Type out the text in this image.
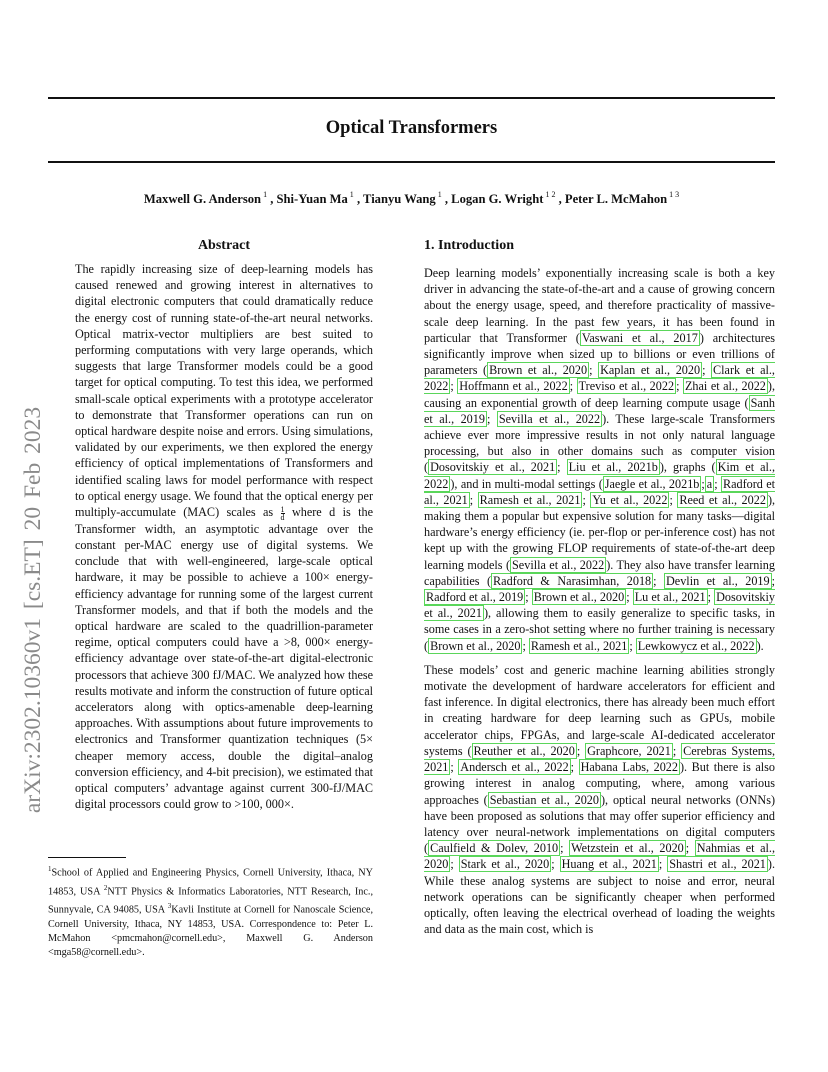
arXiv:2302.10360v1 [cs.ET] 20 Feb 2023
Optical Transformers
Maxwell G. Anderson $^1$ , Shi-Yuan Ma $^1$ , Tianyu Wang $^1$ , Logan G. Wright $^{1 2}$ , Peter L. McMahon $^{1 3}$
Abstract

The rapidly increasing size of deep-learning models has caused renewed and growing interest in alternatives to digital electronic computers that could dramatically reduce the energy cost of running state-of-the-art neural networks. Optical matrix-vector multipliers are best suited to performing computations with very large operands, which suggests that large Transformer models could be a good target for optical computing. To test this idea, we performed small-scale optical experiments with a prototype accelerator to demonstrate that Transformer operations can run on optical hardware despite noise and errors. Using simulations, validated by our experiments, we then explored the energy efficiency of optical implementations of Transformers and identified scaling laws for model performance with respect to optical energy usage. We found that the optical energy per multiply-accumulate (MAC) scales as $\frac{1}{d}$ where d is the Transformer width, an asymptotic advantage over the constant per-MAC energy use of digital systems. We conclude that with well-engineered, large-scale optical hardware, it may be possible to achieve a 100× energy-efficiency advantage for running some of the largest current Transformer models, and that if both the models and the optical hardware are scaled to the quadrillion-parameter regime, optical computers could have a >8, 000× energy-efficiency advantage over state-of-the-art digital-electronic processors that achieve 300 fJ/MAC. We analyzed how these results motivate and inform the construction of future optical accelerators along with optics-amenable deep-learning approaches. With assumptions about future improvements to electronics and Transformer quantization techniques (5× cheaper memory access, double the digital–analog conversion efficiency, and 4-bit precision), we estimated that optical computers’ advantage against current 300-fJ/MAC digital processors could grow to >100, 000×.

$^1$School of Applied and Engineering Physics, Cornell University, Ithaca, NY 14853, USA $^2$NTT Physics & Informatics Laboratories, NTT Research, Inc., Sunnyvale, CA 94085, USA $^3$Kavli Institute at Cornell for Nanoscale Science, Cornell University, Ithaca, NY 14853, USA. Correspondence to: Peter L. McMahon <pmcmahon@cornell.edu>, Maxwell G. Anderson <mga58@cornell.edu>.
1. Introduction

Deep learning models’ exponentially increasing scale is both a key driver in advancing the state-of-the-art and a cause of growing concern about the energy usage, speed, and therefore practicality of massive-scale deep learning. In the past few years, it has been found in particular that Transformer ( Vaswani et al., 2017 ) architectures significantly improve when sized up to billions or even trillions of parameters ( Brown et al., 2020 ; Kaplan et al., 2020 ; Clark et al., 2022 ; Hoffmann et al., 2022 ; Treviso et al., 2022 ; Zhai et al., 2022 ), causing an exponential growth of deep learning compute usage ( Sanh et al., 2019 ; Sevilla et al., 2022 ). These large-scale Transformers achieve ever more impressive results in not only natural language processing, but also in other domains such as computer vision ( Dosovitskiy et al., 2021 ; Liu et al., 2021b ), graphs ( Kim et al., 2022 ), and in multi-modal settings ( Jaegle et al., 2021b ; a ; Radford et al., 2021 ; Ramesh et al., 2021 ; Yu et al., 2022 ; Reed et al., 2022 ), making them a popular but expensive solution for many tasks—digital hardware’s energy efficiency (ie. per-flop or per-inference cost) has not kept up with the growing FLOP requirements of state-of-the-art deep learning models ( Sevilla et al., 2022 ). They also have transfer learning capabilities ( Radford & Narasimhan, 2018 ; Devlin et al., 2019 ; Radford et al., 2019 ; Brown et al., 2020 ; Lu et al., 2021 ; Dosovitskiy et al., 2021 ), allowing them to easily generalize to specific tasks, in some cases in a zero-shot setting where no further training is necessary ( Brown et al., 2020 ; Ramesh et al., 2021 ; Lewkowycz et al., 2022 ).

These models’ cost and generic machine learning abilities strongly motivate the development of hardware accelerators for efficient and fast inference. In digital electronics, there has already been much effort in creating hardware for deep learning such as GPUs, mobile accelerator chips, FPGAs, and large-scale AI-dedicated accelerator systems ( Reuther et al., 2020 ; Graphcore, 2021 ; Cerebras Systems, 2021 ; Andersch et al., 2022 ; Habana Labs, 2022 ). But there is also growing interest in analog computing, where, among various approaches ( Sebastian et al., 2020 ), optical neural networks (ONNs) have been proposed as solutions that may offer superior efficiency and latency over neural-network implementations on digital computers ( Caulfield & Dolev, 2010 ; Wetzstein et al., 2020 ; Nahmias et al., 2020 ; Stark et al., 2020 ; Huang et al., 2021 ; Shastri et al., 2021 ). While these analog systems are subject to noise and error, neural network operations can be significantly cheaper when performed optically, often leaving the electrical overhead of loading the weights and data as the main cost, which is
